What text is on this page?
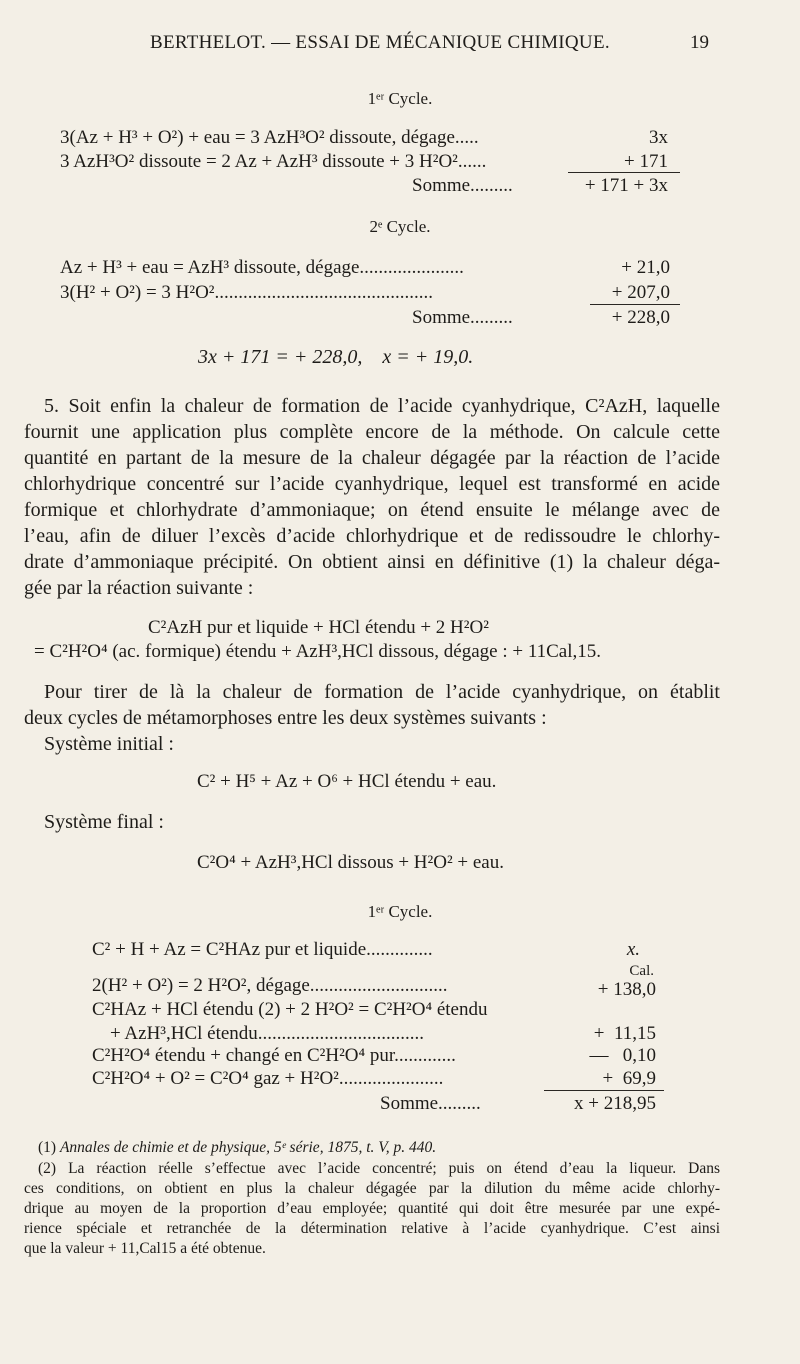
BERTHELOT. — ESSAI DE MÉCANIQUE CHIMIQUE.	19
1ᵉʳ Cycle.
3(Az + H³ + O²) + eau = 3 AzH³O² dissoute, dégage.....	3x
3 AzH³O² dissoute = 2 Az + AzH³ dissoute + 3 H²O²......	+ 171
Somme.........	+ 171 + 3x
2ᵉ Cycle.
Az + H³ + eau = AzH³ dissoute, dégage......................	+ 21,0
3(H² + O²) = 3 H²O²..............................................	+ 207,0
Somme.........	+ 228,0
3x + 171 = + 228,0,    x = + 19,0.
5. Soit enfin la chaleur de formation de l’acide cyanhydrique, C²AzH, laquelle
fournit une application plus complète encore de la méthode. On calcule cette
quantité en partant de la mesure de la chaleur dégagée par la réaction de l’acide
chlorhydrique concentré sur l’acide cyanhydrique, lequel est transformé en acide
formique et chlorhydrate d’ammoniaque; on étend ensuite le mélange avec de
l’eau, afin de diluer l’excès d’acide chlorhydrique et de redissoudre le chlorhy-
drate d’ammoniaque précipité. On obtient ainsi en définitive (1) la chaleur déga-
gée par la réaction suivante :
C²AzH pur et liquide + HCl étendu + 2 H²O²
= C²H²O⁴ (ac. formique) étendu + AzH³,HCl dissous, dégage : + 11Cal,15.
Pour tirer de là la chaleur de formation de l’acide cyanhydrique, on établit
deux cycles de métamorphoses entre les deux systèmes suivants :
Système initial :
C² + H⁵ + Az + O⁶ + HCl étendu + eau.
Système final :
C²O⁴ + AzH³,HCl dissous + H²O² + eau.
1ᵉʳ Cycle.
C² + H + Az = C²HAz pur et liquide..............	x.
Cal.
2(H² + O²) = 2 H²O², dégage.............................	+ 138,0
C²HAz + HCl étendu (2) + 2 H²O² = C²H²O⁴ étendu
+ AzH³,HCl étendu...................................	+  11,15
C²H²O⁴ étendu + changé en C²H²O⁴ pur.............	—   0,10
C²H²O⁴ + O² = C²O⁴ gaz + H²O²......................	+  69,9
Somme.........	x + 218,95
(1) Annales de chimie et de physique, 5ᵉ série, 1875, t. V, p. 440.
(2) La réaction réelle s’effectue avec l’acide concentré; puis on étend d’eau la liqueur. Dans
ces conditions, on obtient en plus la chaleur dégagée par la dilution du même acide chlorhy-
drique au moyen de la proportion d’eau employée; quantité qui doit être mesurée par une expé-
rience spéciale et retranchée de la détermination relative à l’acide cyanhydrique. C’est ainsi
que la valeur + 11,Cal15 a été obtenue.
